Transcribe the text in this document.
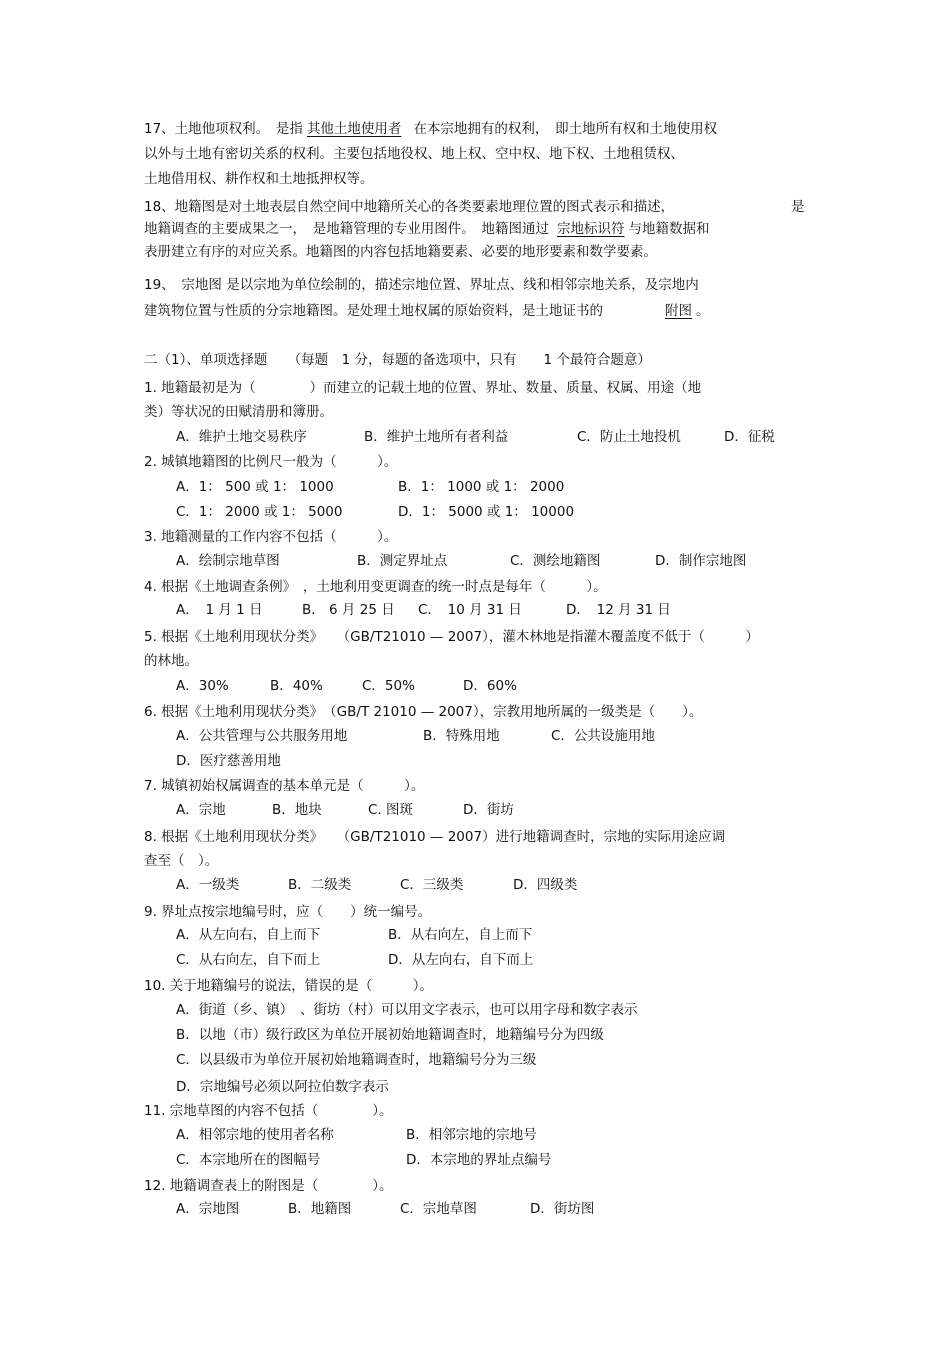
17、土地他项权利。　是指 其他土地使用者 在本宗地拥有的权利，　即土地所有权和土地使用权
以外与土地有密切关系的权利。主要包括地役权、地上权、空中权、地下权、土地租赁权、
土地借用权、耕作权和土地抵押权等。
18、地籍图是对土地表层自然空间中地籍所关心的各类要素地理位置的图式表示和描述，	是
地籍调查的主要成果之一，　是地籍管理的专业用图件。　地籍图通过 宗地标识符 与地籍数据和
表册建立有序的对应关系。地籍图的内容包括地籍要素、必要的地形要素和数学要素。
19、　宗地图 是以宗地为单位绘制的，描述宗地位置、界址点、线和相邻宗地关系，及宗地内
建筑物位置与性质的分宗地籍图。是处理土地权属的原始资料，是土地证书的	附图 。
二（1）、单项选择题　　（每题　1 分，每题的备选项中，只有　　1 个最符合题意）
1. 地籍最初是为（　　　　）而建立的记载土地的位置、界址、数量、质量、权属、用途（地
类）等状况的田赋清册和簿册。
A．维护土地交易秩序	B．维护土地所有者利益	C．防止土地投机	D．征税
2. 城镇地籍图的比例尺一般为（　　　）。
A．1： 500 或 1： 1000	B．1： 1000 或 1： 2000
C．1： 2000 或 1： 5000	D．1： 5000 或 1： 10000
3. 地籍测量的工作内容不包括（　　　）。
A．绘制宗地草图	B．测定界址点	C．测绘地籍图	D．制作宗地图
4. 根据《土地调查条例》　，土地利用变更调查的统一时点是每年（　　　）。
A．　1 月 1 日	B． 6 月 25 日 C．　10 月 31 日	D．　12 月 31 日
5. 根据《土地利用现状分类》　　（GB/T21010 — 2007），灌木林地是指灌木覆盖度不低于（　　　）
的林地。
A．30%	B．40%	C．50%	D．60%
6. 根据《土地利用现状分类》　（GB/T 21010 — 2007），宗教用地所属的一级类是（　　）。
A．公共管理与公共服务用地	B．特殊用地	C．公共设施用地
D．医疗慈善用地
7. 城镇初始权属调查的基本单元是（　　　）。
A．宗地	B．地块	C. 图斑	D．街坊
8. 根据《土地利用现状分类》　　（GB/T21010 — 2007）进行地籍调查时，宗地的实际用途应调
查至（　）。
A．一级类	B．二级类	C．三级类	D．四级类
9. 界址点按宗地编号时，应（　　）统一编号。
A．从左向右，自上而下	B．从右向左，自上而下
C．从右向左，自下而上	D．从左向右，自下而上
10. 关于地籍编号的说法，错误的是（　　　）。
A．街道（乡、镇）　、街坊（村）可以用文字表示，也可以用字母和数字表示
B．以地（市）级行政区为单位开展初始地籍调查时，地籍编号分为四级
C．以县级市为单位开展初始地籍调查时，地籍编号分为三级
D．宗地编号必须以阿拉伯数字表示
11. 宗地草图的内容不包括（　　　　）。
A．相邻宗地的使用者名称	B．相邻宗地的宗地号
C．本宗地所在的图幅号	D．本宗地的界址点编号
12. 地籍调查表上的附图是（　　　　）。
A．宗地图	B．地籍图	C．宗地草图	D．街坊图
